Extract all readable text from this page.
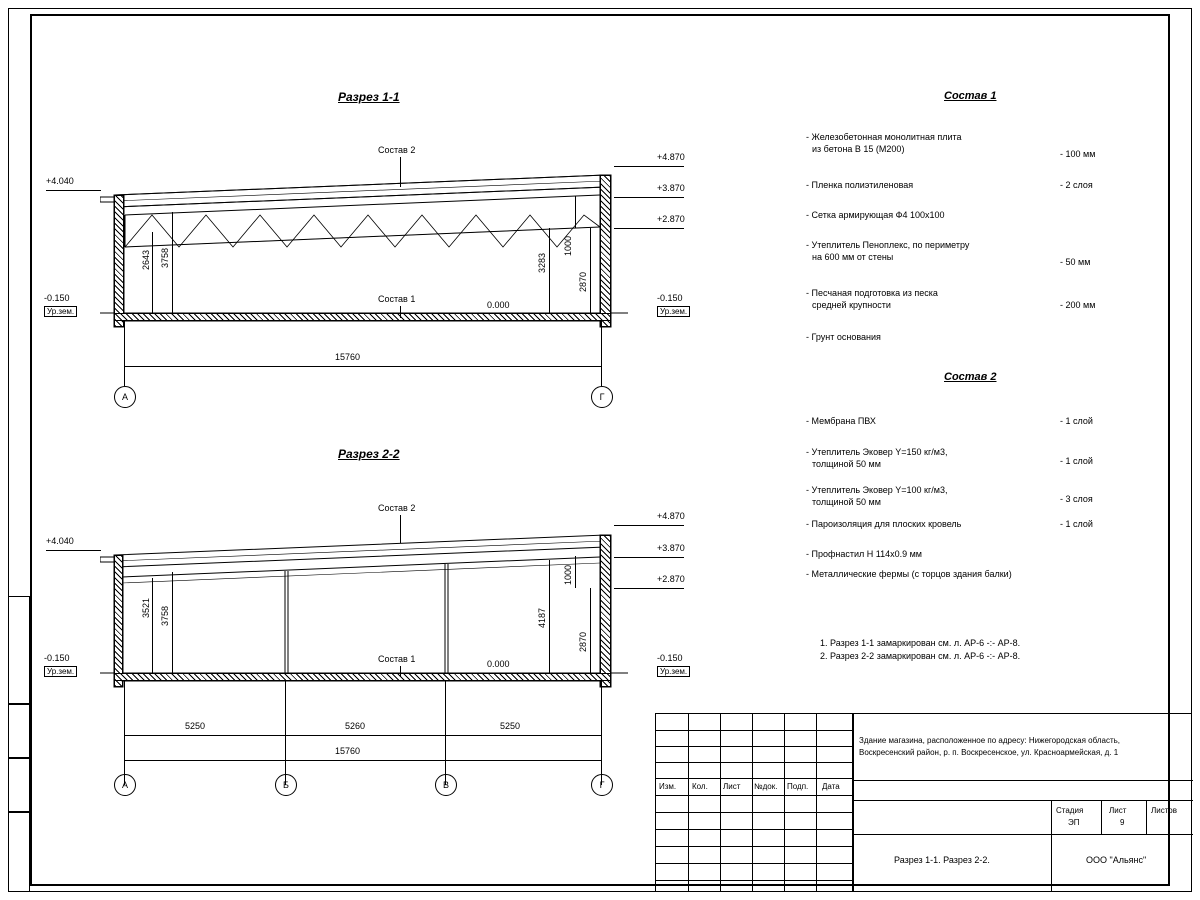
Разрез 1-1
Состав 2
+4.040
+4.870
+3.870
+2.870
0.000
-0.150
Ур.зем.
-0.150
Ур.зем.
Состав 1
2643 3758	3283
1000
2870
15760
А	Г
Разрез 2-2
Состав 2
+4.040
+4.870
+3.870
+2.870
0.000
-0.150
Ур.зем.
-0.150
Ур.зем.
Состав 1
3521 3758	4187
1000
2870
5250	5260	5250
15760
А	Б	В	Г
Состав 1
- Железобетонная монолитная плита
из бетона В 15 (М200)	- 100 мм
- Пленка полиэтиленовая	- 2 слоя
- Сетка армирующая Ф4 100х100
- Утеплитель Пеноплекс, по периметру
на 600 мм от стены	- 50 мм
- Песчаная подготовка из песка
средней крупности	- 200 мм
- Грунт основания
Состав 2
- Мембрана ПВХ	- 1 слой
- Утеплитель Эковер Y=150 кг/м3,
толщиной 50 мм	- 1 слой
- Утеплитель Эковер Y=100 кг/м3,
толщиной 50 мм	- 3 слоя
- Пароизоляция для плоских кровель	- 1 слой
- Профнастил Н 114х0.9 мм
- Металлические фермы (с торцов здания балки)
1. Разрез 1-1 замаркирован см. л. АР-6 -:- АР-8.
2. Разрез 2-2 замаркирован см. л. АР-6 -:- АР-8.
Изм. Кол. Лист №док. Подп. Дата
Здание магазина, расположенное по адресу: Нижегородская область,
Воскресенский район, р. п. Воскресенское, ул. Красноармейская, д. 1
Стадия	Лист	Листов
ЭП	9
Разрез 1-1. Разрез 2-2.	ООО "Альянс"
